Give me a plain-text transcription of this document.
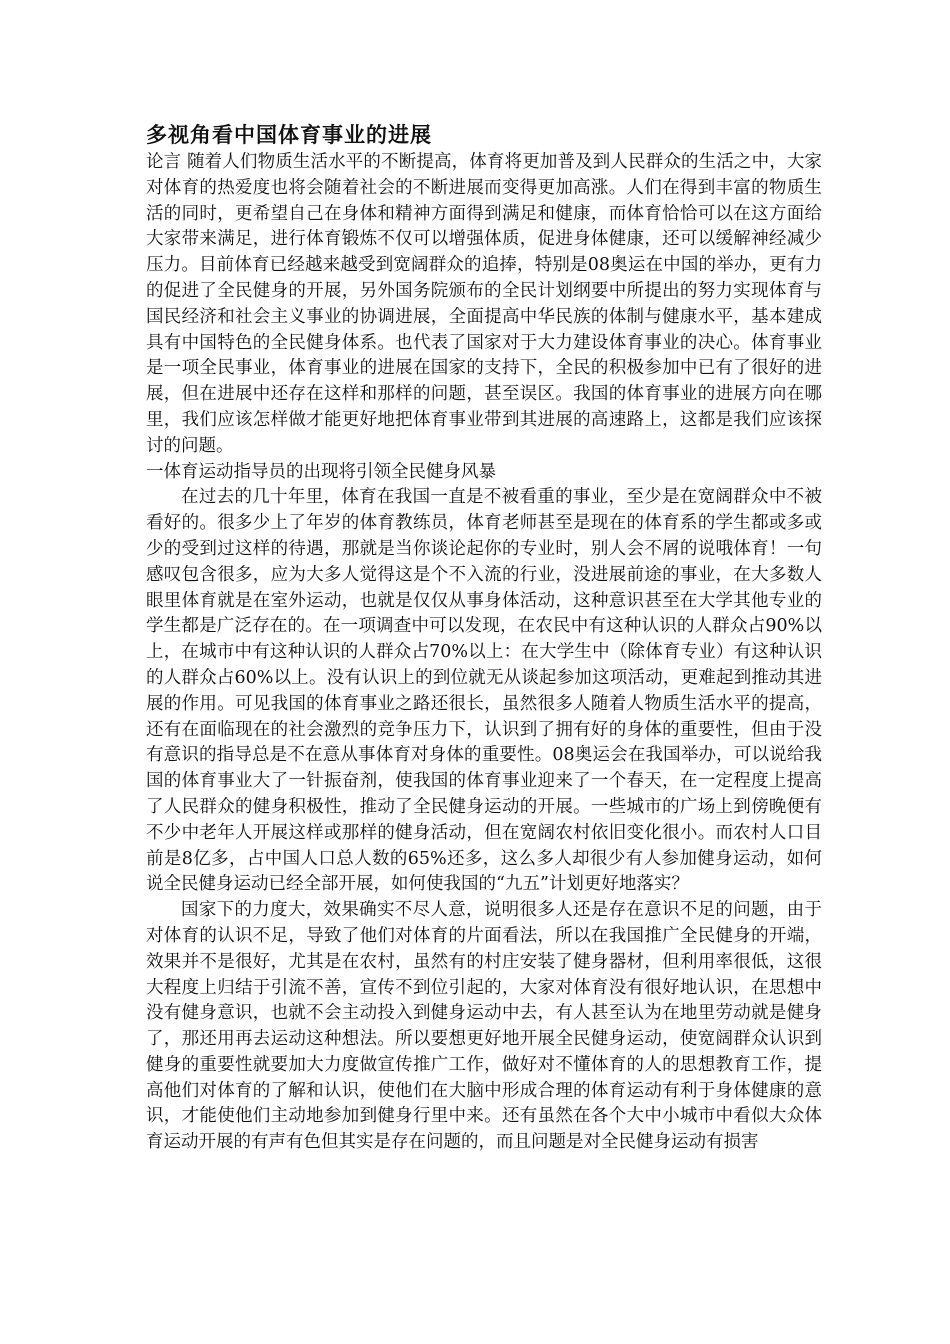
多视角看中国体育事业的进展

论言 随着人们物质生活水平的不断提高，体育将更加普及到人民群众的生活之中，大家对体育的热爱度也将会随着社会的不断进展而变得更加高涨。人们在得到丰富的物质生活的同时，更希望自己在身体和精神方面得到满足和健康，而体育恰恰可以在这方面给大家带来满足，进行体育锻炼不仅可以增强体质，促进身体健康，还可以缓解神经减少压力。目前体育已经越来越受到宽阔群众的追捧，特别是08奥运在中国的举办，更有力的促进了全民健身的开展，另外国务院颁布的全民计划纲要中所提出的努力实现体育与国民经济和社会主义事业的协调进展，全面提高中华民族的体制与健康水平，基本建成具有中国特色的全民健身体系。也代表了国家对于大力建设体育事业的决心。体育事业是一项全民事业，体育事业的进展在国家的支持下，全民的积极参加中已有了很好的进展，但在进展中还存在这样和那样的问题，甚至误区。我国的体育事业的进展方向在哪里，我们应该怎样做才能更好地把体育事业带到其进展的高速路上，这都是我们应该探讨的问题。

一体育运动指导员的出现将引领全民健身风暴

在过去的几十年里，体育在我国一直是不被看重的事业，至少是在宽阔群众中不被看好的。很多少上了年岁的体育教练员，体育老师甚至是现在的体育系的学生都或多或少的受到过这样的待遇，那就是当你谈论起你的专业时，别人会不屑的说哦体育！一句感叹包含很多，应为大多人觉得这是个不入流的行业，没进展前途的事业，在大多数人眼里体育就是在室外运动，也就是仅仅从事身体活动，这种意识甚至在大学其他专业的学生都是广泛存在的。在一项调查中可以发现，在农民中有这种认识的人群众占90%以上，在城市中有这种认识的人群众占70%以上：在大学生中（除体育专业）有这种认识的人群众占60%以上。没有认识上的到位就无从谈起参加这项活动，更难起到推动其进展的作用。可见我国的体育事业之路还很长，虽然很多人随着人物质生活水平的提高，还有在面临现在的社会激烈的竞争压力下，认识到了拥有好的身体的重要性，但由于没有意识的指导总是不在意从事体育对身体的重要性。08奥运会在我国举办，可以说给我国的体育事业大了一针振奋剂，使我国的体育事业迎来了一个春天，在一定程度上提高了人民群众的健身积极性，推动了全民健身运动的开展。一些城市的广场上到傍晚便有不少中老年人开展这样或那样的健身活动，但在宽阔农村依旧变化很小。而农村人口目前是8亿多，占中国人口总人数的65%还多，这么多人却很少有人参加健身运动，如何说全民健身运动已经全部开展，如何使我国的“九五”计划更好地落实？

国家下的力度大，效果确实不尽人意，说明很多人还是存在意识不足的问题，由于对体育的认识不足，导致了他们对体育的片面看法，所以在我国推广全民健身的开端，效果并不是很好，尤其是在农村，虽然有的村庄安装了健身器材，但利用率很低，这很大程度上归结于引流不善，宣传不到位引起的，大家对体育没有很好地认识，在思想中没有健身意识，也就不会主动投入到健身运动中去，有人甚至认为在地里劳动就是健身了，那还用再去运动这种想法。所以要想更好地开展全民健身运动，使宽阔群众认识到健身的重要性就要加大力度做宣传推广工作，做好对不懂体育的人的思想教育工作，提高他们对体育的了解和认识，使他们在大脑中形成合理的体育运动有利于身体健康的意识，才能使他们主动地参加到健身行里中来。还有虽然在各个大中小城市中看似大众体育运动开展的有声有色但其实是存在问题的，而且问题是对全民健身运动有损害
